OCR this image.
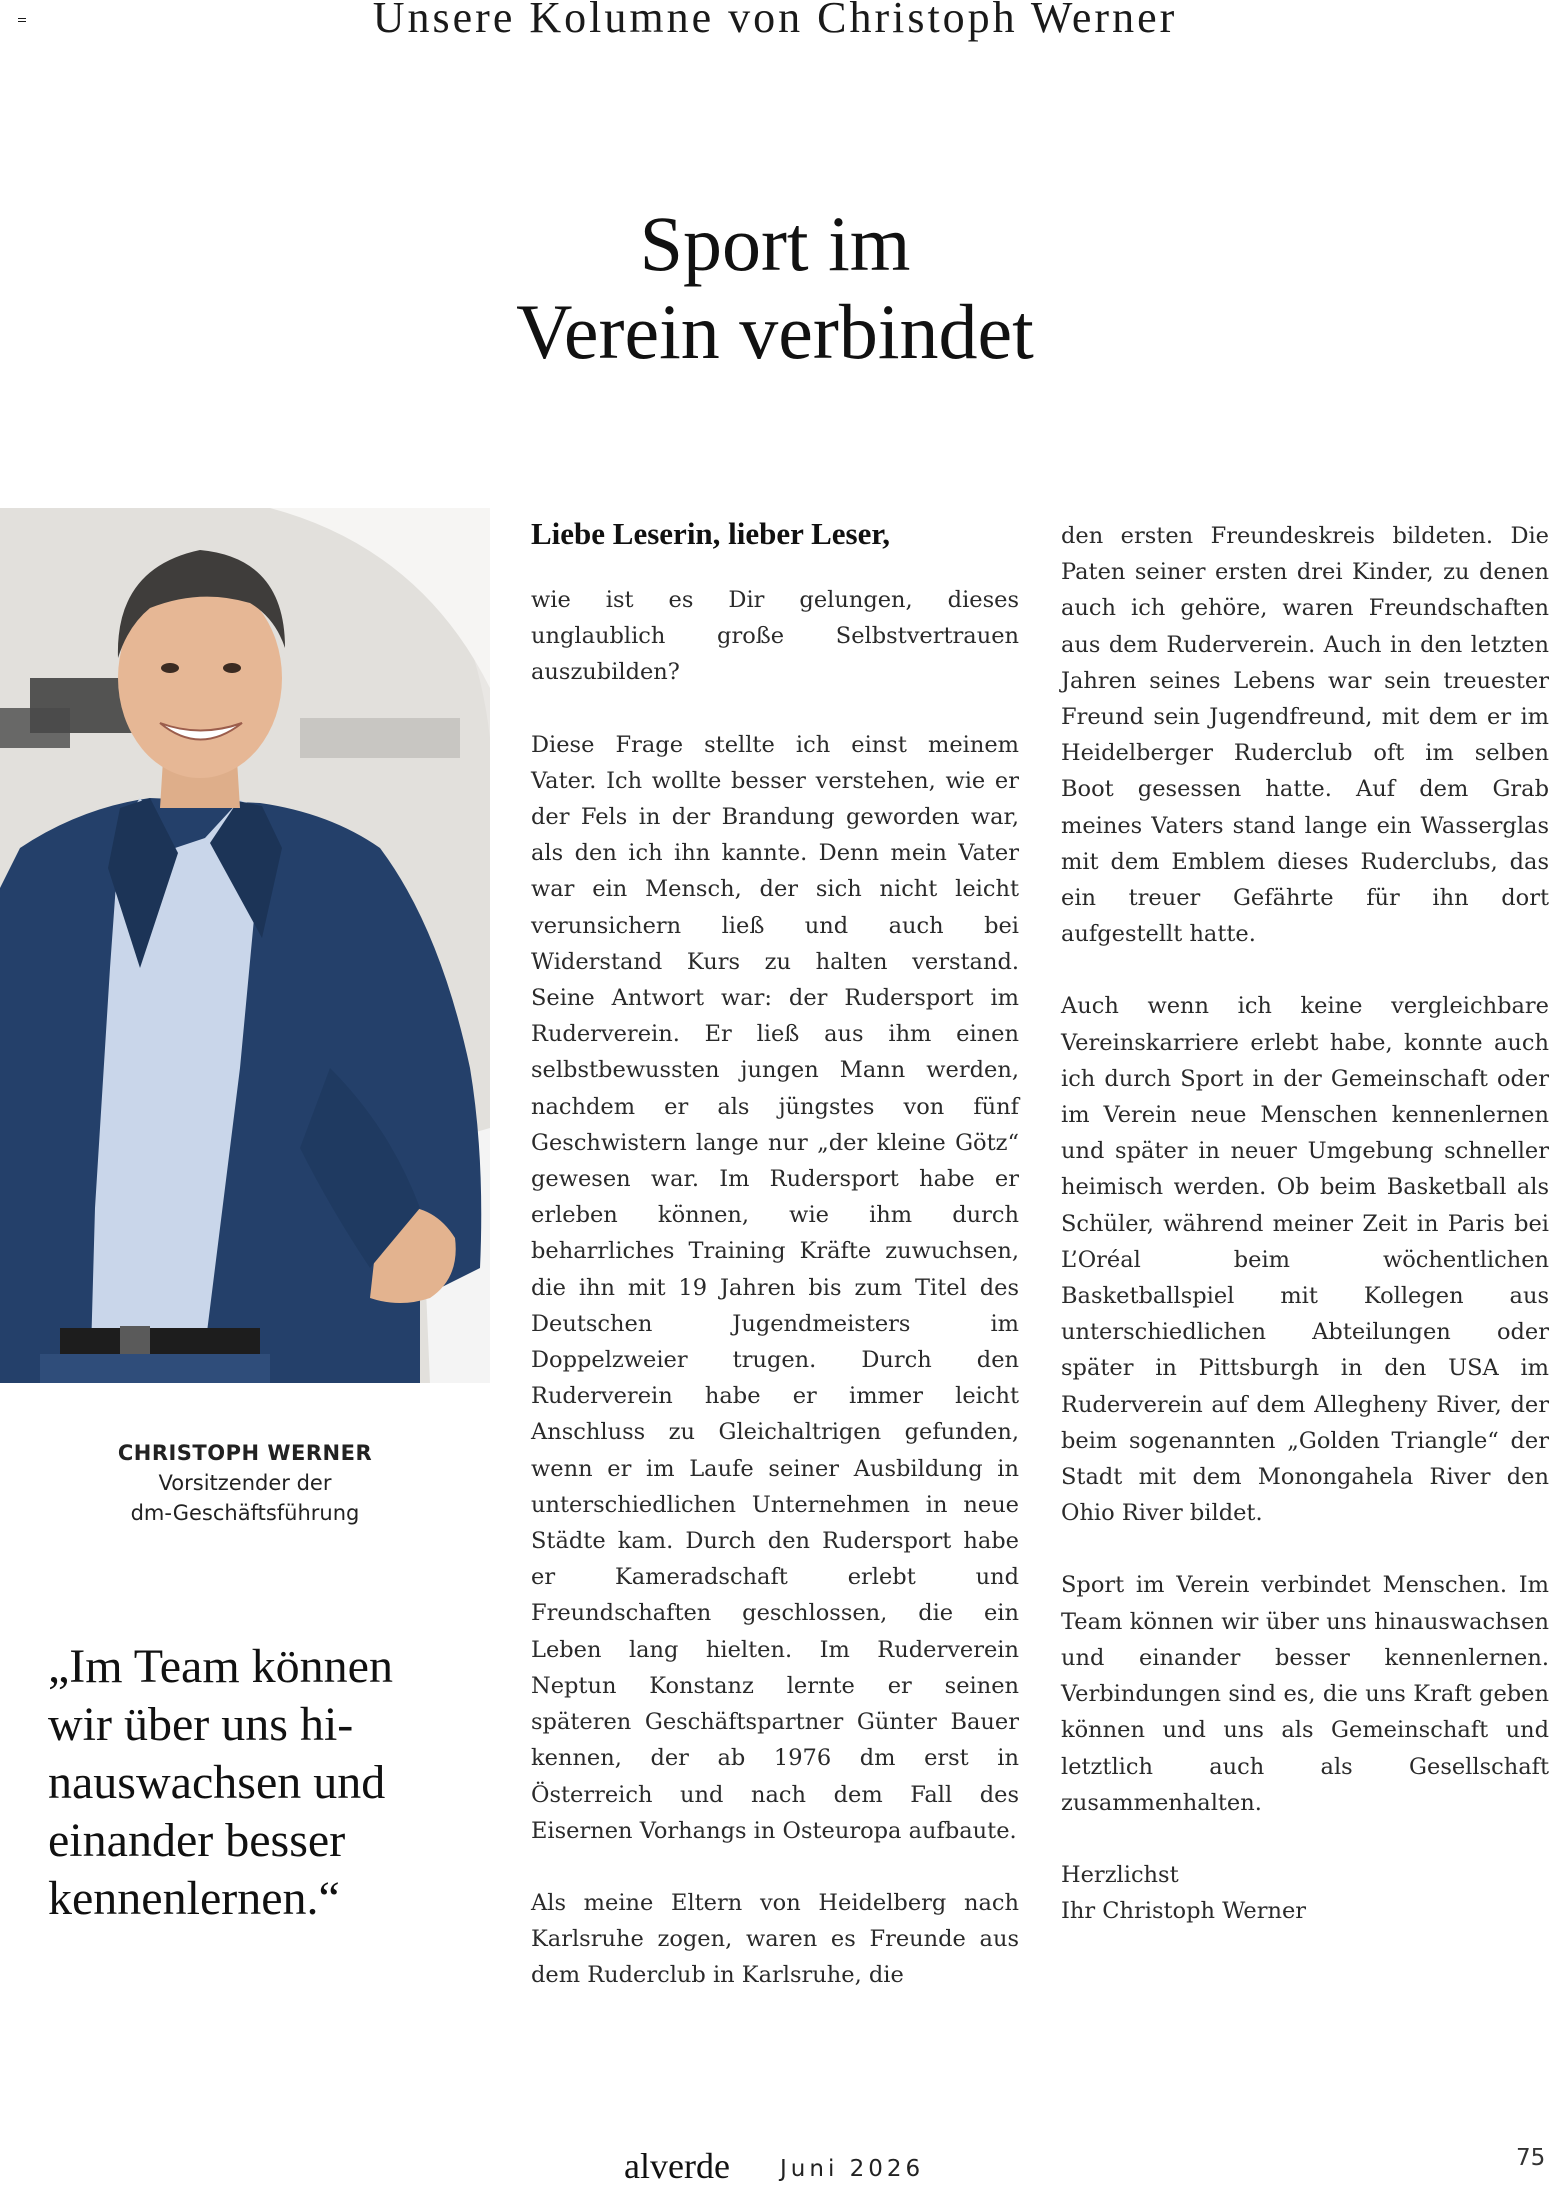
Unsere Kolumne von Christoph Werner
Sport im
Verein verbindet
CHRISTOPH WERNER
Vorsitzender der
dm-Geschäftsführung
„Im Team können wir über uns hi-nauswachsen und einander besser kennenlernen.“

Liebe Leserin, lieber Leser,

wie ist es Dir gelungen, dieses unglaublich große Selbstvertrauen auszubilden?

Diese Frage stellte ich einst meinem Vater. Ich wollte besser verstehen, wie er der Fels in der Brandung geworden war, als den ich ihn kannte. Denn mein Vater war ein Mensch, der sich nicht leicht verunsichern ließ und auch bei Widerstand Kurs zu halten verstand. Seine Antwort war: der Rudersport im Ruderverein. Er ließ aus ihm einen selbstbewussten jungen Mann werden, nachdem er als jüngstes von fünf Geschwistern lange nur „der kleine Götz“ gewesen war. Im Rudersport habe er erleben können, wie ihm durch beharrliches Training Kräfte zuwuchsen, die ihn mit 19 Jahren bis zum Titel des Deutschen Jugendmeisters im Doppelzweier trugen. Durch den Ruderverein habe er immer leicht Anschluss zu Gleichaltrigen gefunden, wenn er im Laufe seiner Ausbildung in unterschiedlichen Unternehmen in neue Städte kam. Durch den Rudersport habe er Kameradschaft erlebt und Freundschaften geschlossen, die ein Leben lang hielten. Im Ruderverein Neptun Konstanz lernte er seinen späteren Geschäftspartner Günter Bauer kennen, der ab 1976 dm erst in Österreich und nach dem Fall des Eisernen Vorhangs in Osteuropa aufbaute.

Als meine Eltern von Heidelberg nach Karlsruhe zogen, waren es Freunde aus dem Ruderclub in Karlsruhe, die

den ersten Freundeskreis bildeten. Die Paten seiner ersten drei Kinder, zu denen auch ich gehöre, waren Freundschaften aus dem Ruderverein. Auch in den letzten Jahren seines Lebens war sein treuester Freund sein Jugendfreund, mit dem er im Heidelberger Ruderclub oft im selben Boot gesessen hatte. Auf dem Grab meines Vaters stand lange ein Wasserglas mit dem Emblem dieses Ruderclubs, das ein treuer Gefährte für ihn dort aufgestellt hatte.

Auch wenn ich keine vergleichbare Vereinskarriere erlebt habe, konnte auch ich durch Sport in der Gemeinschaft oder im Verein neue Menschen kennenlernen und später in neuer Umgebung schneller heimisch werden. Ob beim Basketball als Schüler, während meiner Zeit in Paris bei L’Oréal beim wöchentlichen Basketballspiel mit Kollegen aus unterschiedlichen Abteilungen oder später in Pittsburgh in den USA im Ruderverein auf dem Allegheny River, der beim sogenannten „Golden Triangle“ der Stadt mit dem Monongahela River den Ohio River bildet.

Sport im Verein verbindet Menschen. Im Team können wir über uns hinauswachsen und einander besser kennenlernen. Verbindungen sind es, die uns Kraft geben können und uns als Gemeinschaft und letztlich auch als Gesellschaft zusammenhalten.

Herzlichst
Ihr Christoph Werner

alverde Juni 2026	75
